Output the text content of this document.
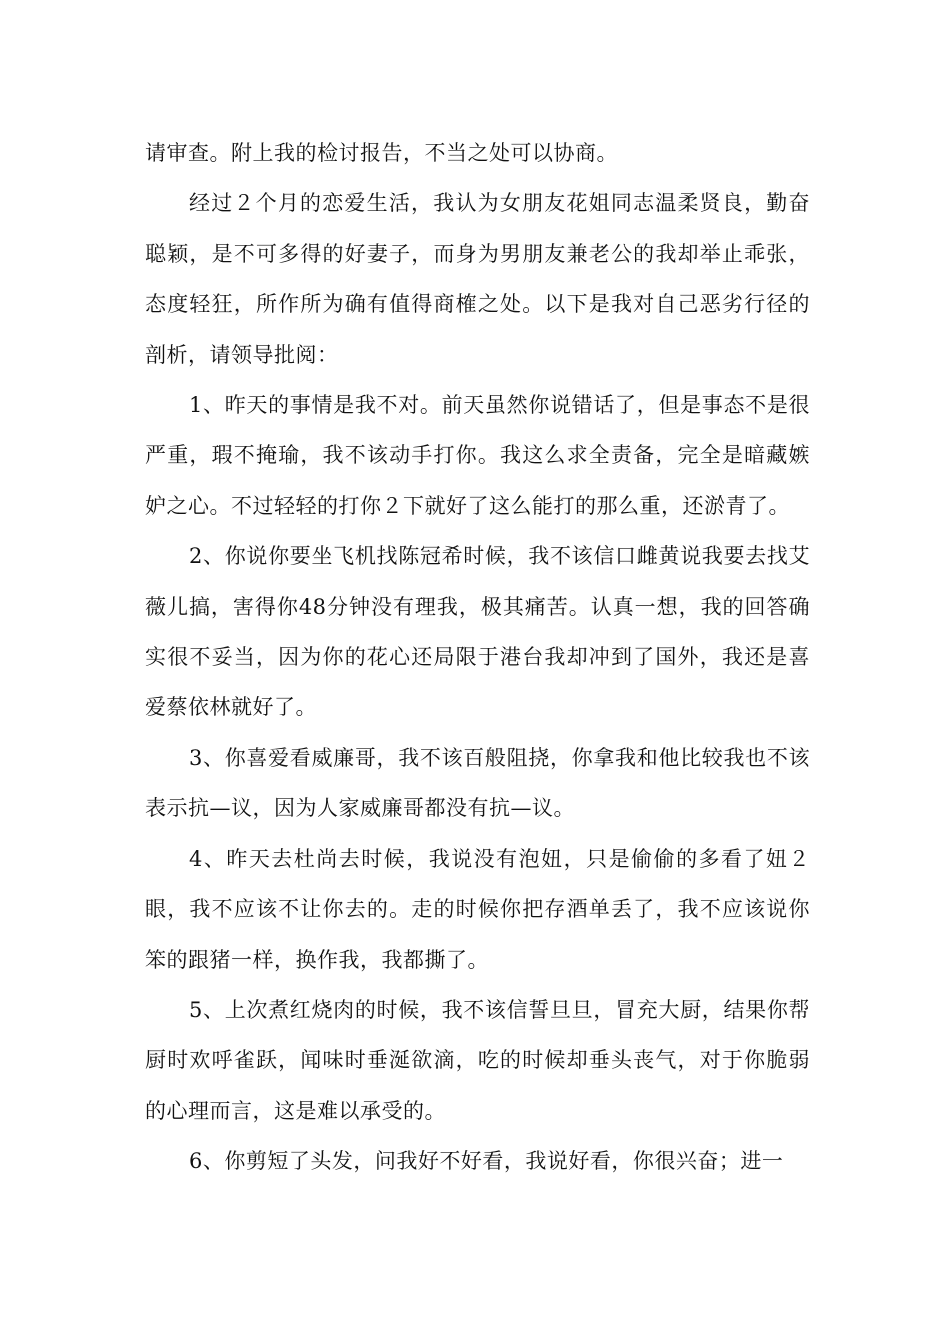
请审查。附上我的检讨报告，不当之处可以协商。

经过２个月的恋爱生活，我认为女朋友花姐同志温柔贤良，勤奋聪颖，是不可多得的好妻子，而身为男朋友兼老公的我却举止乖张，态度轻狂，所作所为确有值得商榷之处。以下是我对自己恶劣行径的剖析，请领导批阅：

1、昨天的事情是我不对。前天虽然你说错话了，但是事态不是很严重，瑕不掩瑜，我不该动手打你。我这么求全责备，完全是暗藏嫉妒之心。不过轻轻的打你２下就好了这么能打的那么重，还淤青了。

2、你说你要坐飞机找陈冠希时候，我不该信口雌黄说我要去找艾薇儿搞，害得你48分钟没有理我，极其痛苦。认真一想，我的回答确实很不妥当，因为你的花心还局限于港台我却冲到了国外，我还是喜爱蔡依林就好了。

3、你喜爱看威廉哥，我不该百般阻挠，你拿我和他比较我也不该表示抗—议，因为人家威廉哥都没有抗—议。

4、昨天去杜尚去时候，我说没有泡妞，只是偷偷的多看了妞２眼，我不应该不让你去的。走的时候你把存酒单丢了，我不应该说你笨的跟猪一样，换作我，我都撕了。

5、上次煮红烧肉的时候，我不该信誓旦旦，冒充大厨，结果你帮厨时欢呼雀跃，闻味时垂涎欲滴，吃的时候却垂头丧气，对于你脆弱的心理而言，这是难以承受的。

6、你剪短了头发，问我好不好看，我说好看，你很兴奋；进一
